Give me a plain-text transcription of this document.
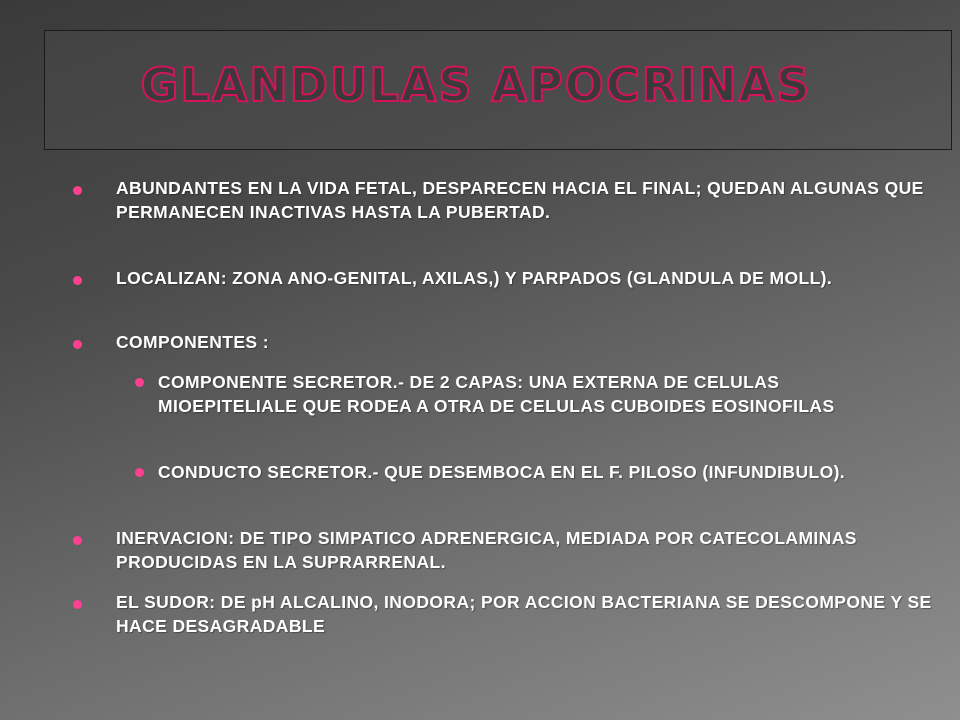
GLANDULAS APOCRINAS
ABUNDANTES EN LA VIDA FETAL, DESPARECEN HACIA EL FINAL; QUEDAN ALGUNAS QUE PERMANECEN INACTIVAS HASTA LA PUBERTAD.
LOCALIZAN: ZONA ANO-GENITAL, AXILAS,) Y PARPADOS (GLANDULA DE MOLL).
COMPONENTES :
COMPONENTE SECRETOR.- DE 2 CAPAS: UNA EXTERNA DE CELULAS MIOEPITELIALE QUE RODEA A OTRA DE CELULAS CUBOIDES EOSINOFILAS
CONDUCTO SECRETOR.- QUE DESEMBOCA EN EL F. PILOSO (INFUNDIBULO).
INERVACION: DE TIPO SIMPATICO ADRENERGICA, MEDIADA POR CATECOLAMINAS PRODUCIDAS EN LA SUPRARRENAL.
EL SUDOR: DE pH ALCALINO, INODORA; POR ACCION BACTERIANA SE DESCOMPONE Y SE HACE DESAGRADABLE
